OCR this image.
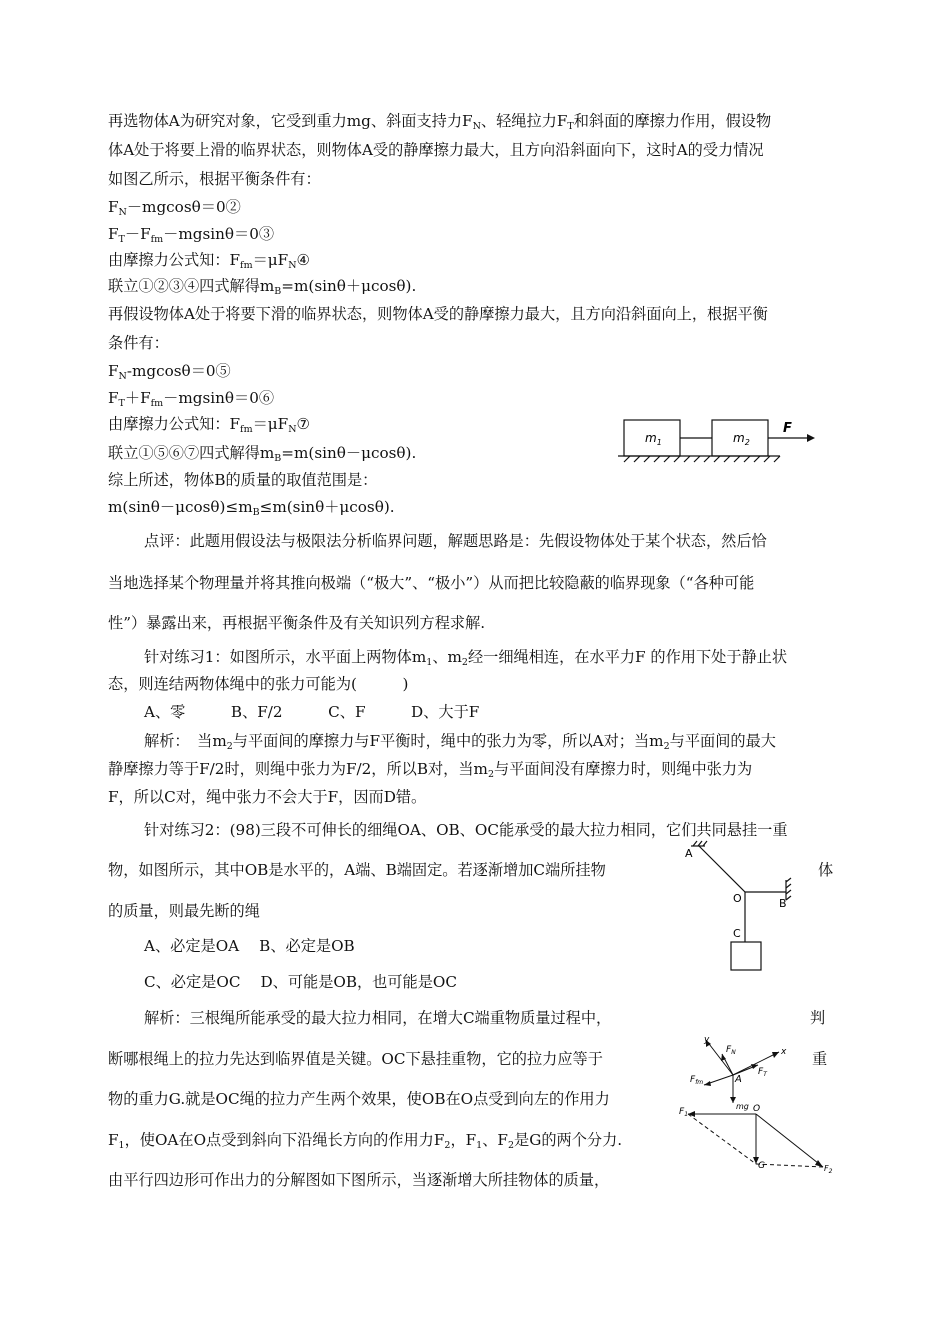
再选物体A为研究对象，它受到重力mg、斜面支持力$F_N$、轻绳拉力$F_T$和斜面的摩擦力作用，假设物
体A处于将要上滑的临界状态，则物体A受的静摩擦力最大，且方向沿斜面向下，这时A的受力情况
如图乙所示，根据平衡条件有：
$F_N-mgcos\theta=0②$
$F_T-F_{fm}-mgsin\theta=0③$
由摩擦力公式知：$F_{fm}=\mu F_N④$
联立①②③④四式解得$m_B=m(\sin\theta+\mu\cos\theta)$.
再假设物体A处于将要下滑的临界状态，则物体A受的静摩擦力最大，且方向沿斜面向上，根据平衡
条件有：
$F_N-mgcos\theta=0⑤$
$F_T+F_{fm}-mgsin\theta=0⑥$
由摩擦力公式知：$F_{fm}=\mu F_N⑦$
联立①⑤⑥⑦四式解得$m_B=m(\sin\theta-\mu\cos\theta)$.
综上所述，物体B的质量的取值范围是：
$m(\sin\theta-\mu\cos\theta)\le m_B\le m(\sin\theta+\mu\cos\theta)$.
点评：此题用假设法与极限法分析临界问题，解题思路是：先假设物体处于某个状态，然后恰
当地选择某个物理量并将其推向极端（“极大”、“极小”）从而把比较隐蔽的临界现象（“各种可能
性”）暴露出来，再根据平衡条件及有关知识列方程求解.
针对练习1：如图所示，水平面上两物体$m_1$、$m_2$经一细绳相连，在水平力F 的作用下处于静止状
态，则连结两物体绳中的张力可能为(　　　)
A、零　　　B、F/2　　　C、F　　　D、大于F
解析：　当$m_2$与平面间的摩擦力与F平衡时，绳中的张力为零，所以A对；当$m_2$与平面间的最大
静摩擦力等于F/2时，则绳中张力为F/2，所以B对，当$m_2$与平面间没有摩擦力时，则绳中张力为
F，所以C对，绳中张力不会大于F，因而D错。
针对练习2：(98)三段不可伸长的细绳OA、OB、OC能承受的最大拉力相同，它们共同悬挂一重
物，如图所示，其中OB是水平的，A端、B端固定。若逐渐增加C端所挂物	体
的质量，则最先断的绳
A、必定是OA　 B、必定是OB
C、必定是OC　 D、可能是OB，也可能是OC
解析：三根绳所能承受的最大拉力相同，在增大C端重物质量过程中，	判
断哪根绳上的拉力先达到临界值是关键。OC下悬挂重物，它的拉力应等于	重
物的重力G.就是OC绳的拉力产生两个效果，使OB在O点受到向左的作用力
$F_1$，使OA在O点受到斜向下沿绳长方向的作用力$F_2$，$F_1$、$F_2$是G的两个分力.
由平行四边形可作出力的分解图如下图所示，当逐渐增大所挂物体的质量，
$m_1$	$m_2$
F
A
O	B
C
y
x
$F_N$
$F_T$
$F_{fm}$	A
mg
$F_1$
O
G	$F_2$
